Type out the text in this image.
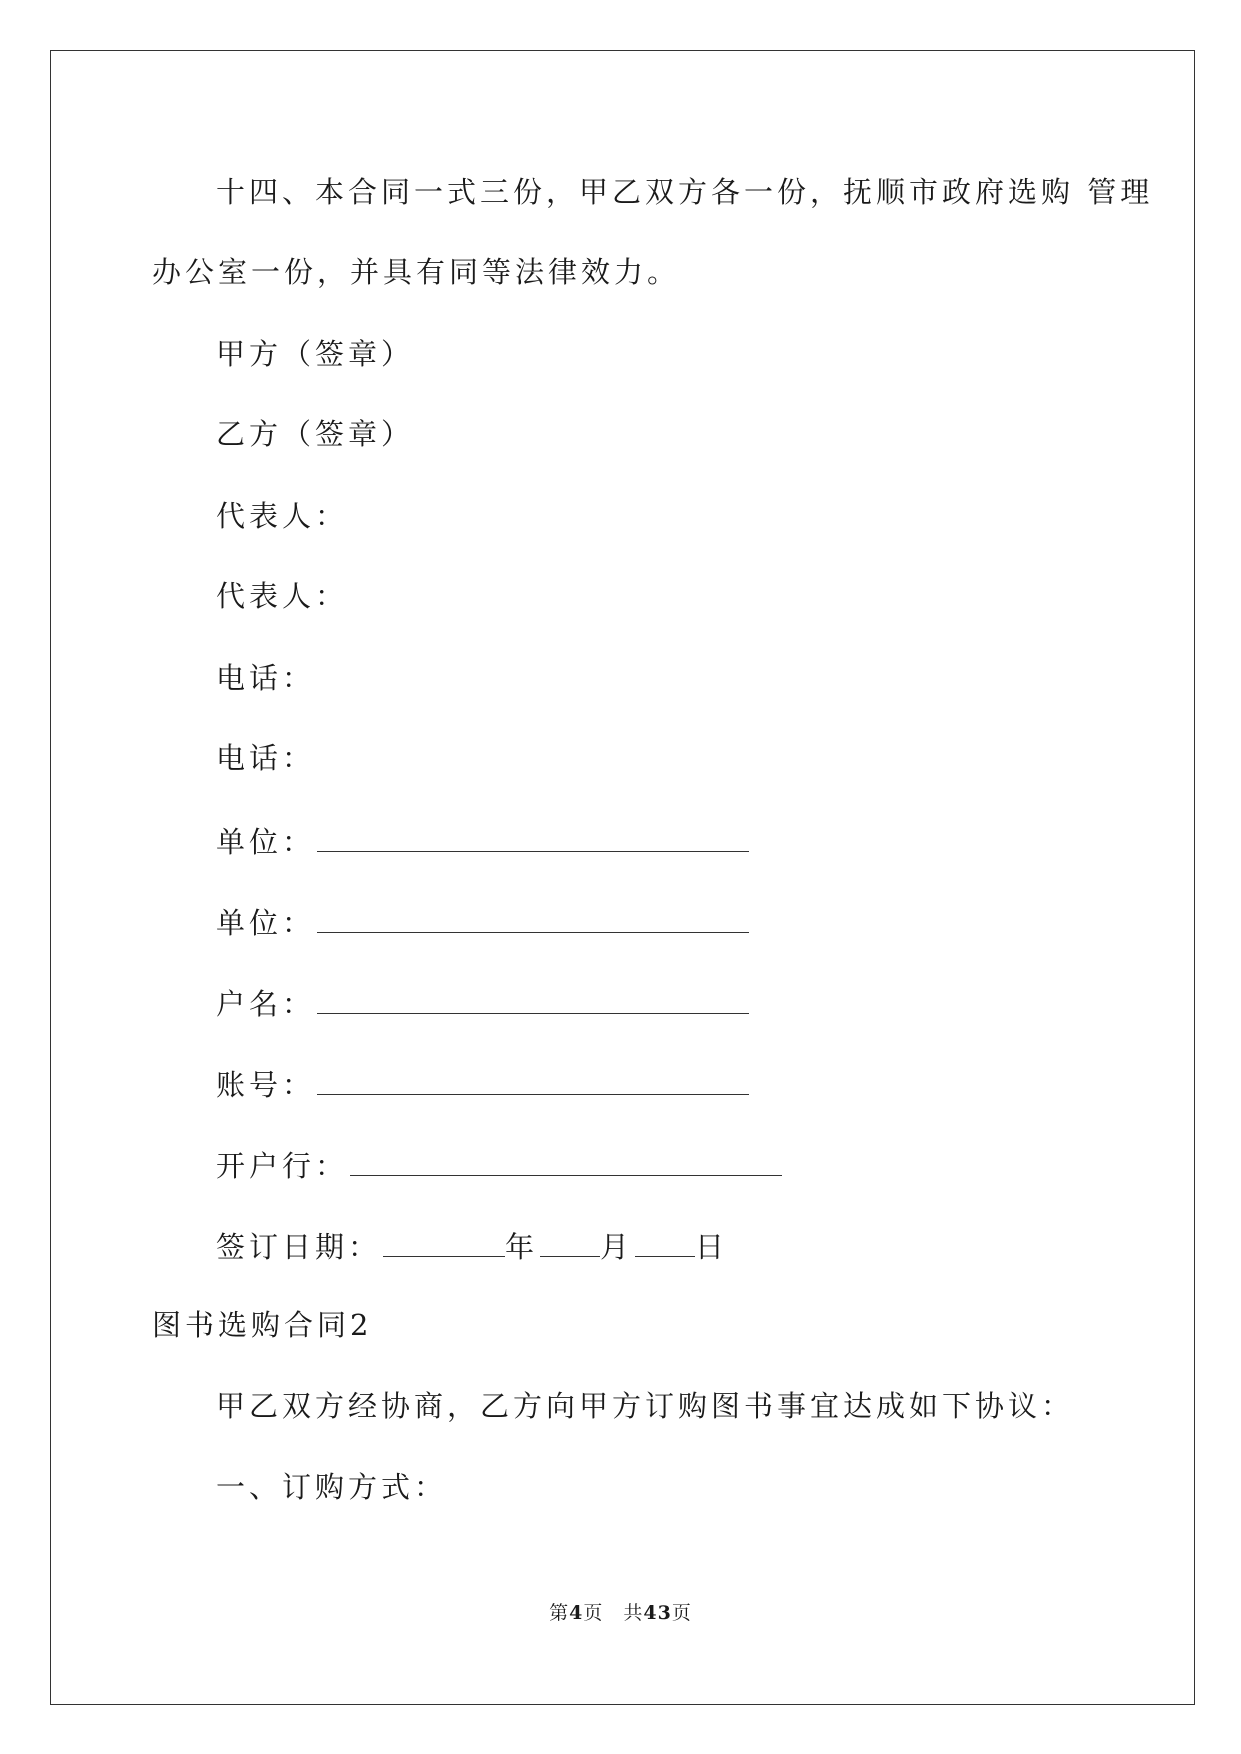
十四、本合同一式三份，甲乙双方各一份，抚顺市政府选购 管理
办公室一份，并具有同等法律效力。
甲方（签章）
乙方（签章）
代表人：
代表人：
电话：
电话：
单位：
单位：
户名：
账号：
开户行：
签订日期：	年 月 日
图书选购合同2
甲乙双方经协商，乙方向甲方订购图书事宜达成如下协议：
一、订购方式：
第4页 共43页
